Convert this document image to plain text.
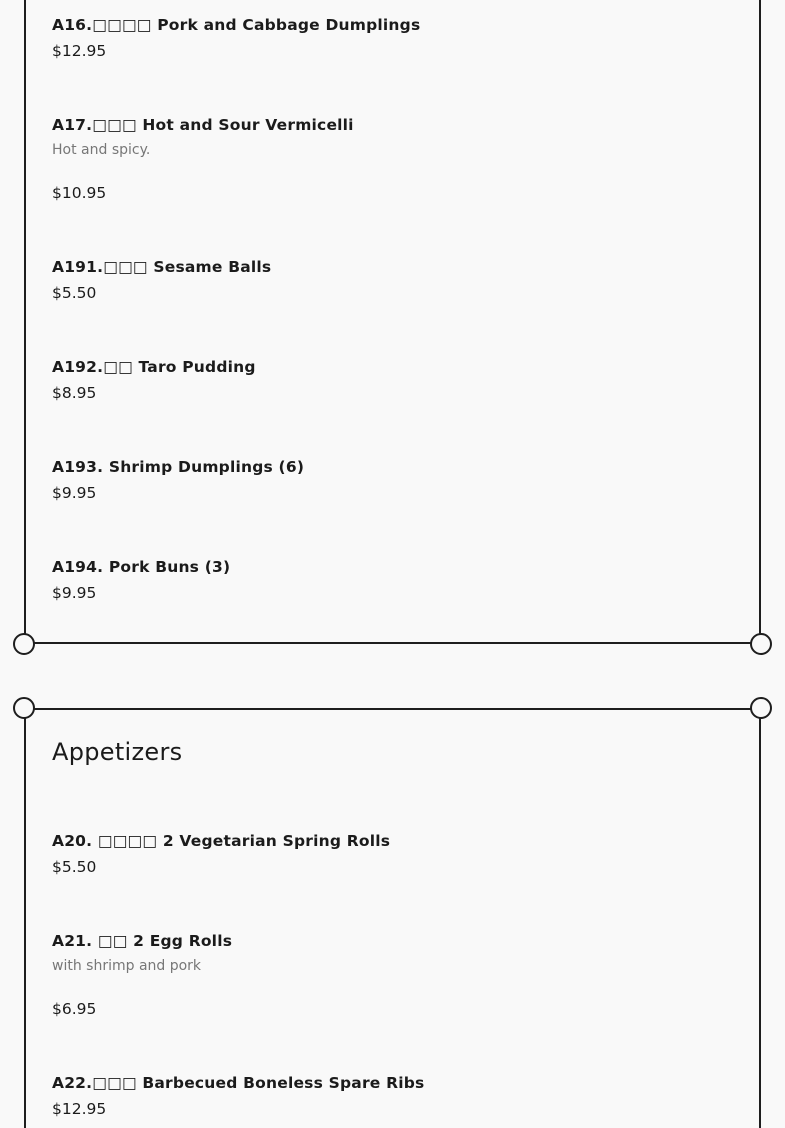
A16.□□□□ Pork and Cabbage Dumplings
$12.95
A17.□□□ Hot and Sour Vermicelli
Hot and spicy.
$10.95
A191.□□□ Sesame Balls
$5.50
A192.□□ Taro Pudding
$8.95
A193. Shrimp Dumplings (6)
$9.95
A194. Pork Buns (3)
$9.95
Appetizers
A20. □□□□ 2 Vegetarian Spring Rolls
$5.50
A21. □□ 2 Egg Rolls
with shrimp and pork
$6.95
A22.□□□ Barbecued Boneless Spare Ribs
$12.95
